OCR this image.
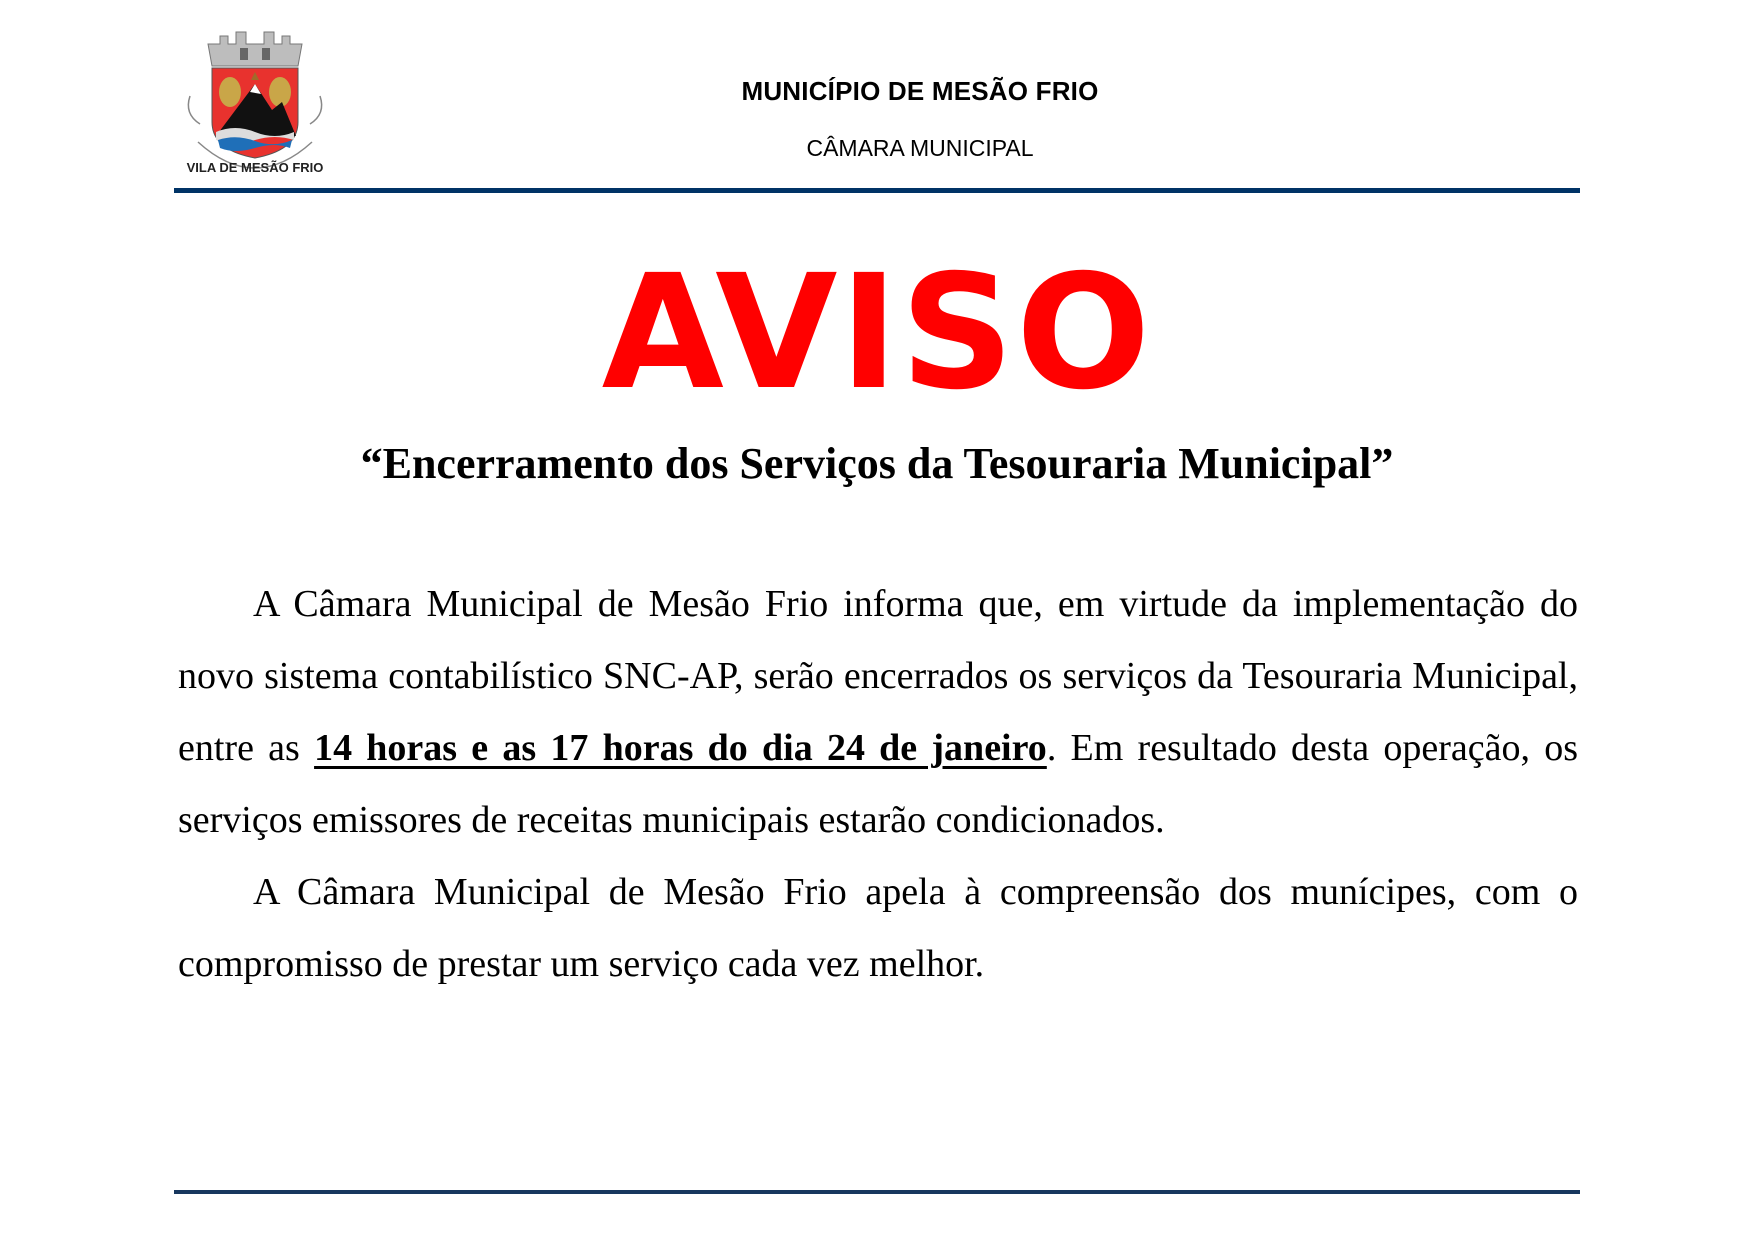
VILA DE MESÃO FRIO
MUNICÍPIO DE MESÃO FRIO
CÂMARA MUNICIPAL
AVISO
“Encerramento dos Serviços da Tesouraria Municipal”

A Câmara Municipal de Mesão Frio informa que, em virtude da implementação do novo sistema contabilístico SNC-AP, serão encerrados os serviços da Tesouraria Municipal, entre as 14 horas e as 17 horas do dia 24 de janeiro. Em resultado desta operação, os serviços emissores de receitas municipais estarão condicionados.

A Câmara Municipal de Mesão Frio apela à compreensão dos munícipes, com o compromisso de prestar um serviço cada vez melhor.
